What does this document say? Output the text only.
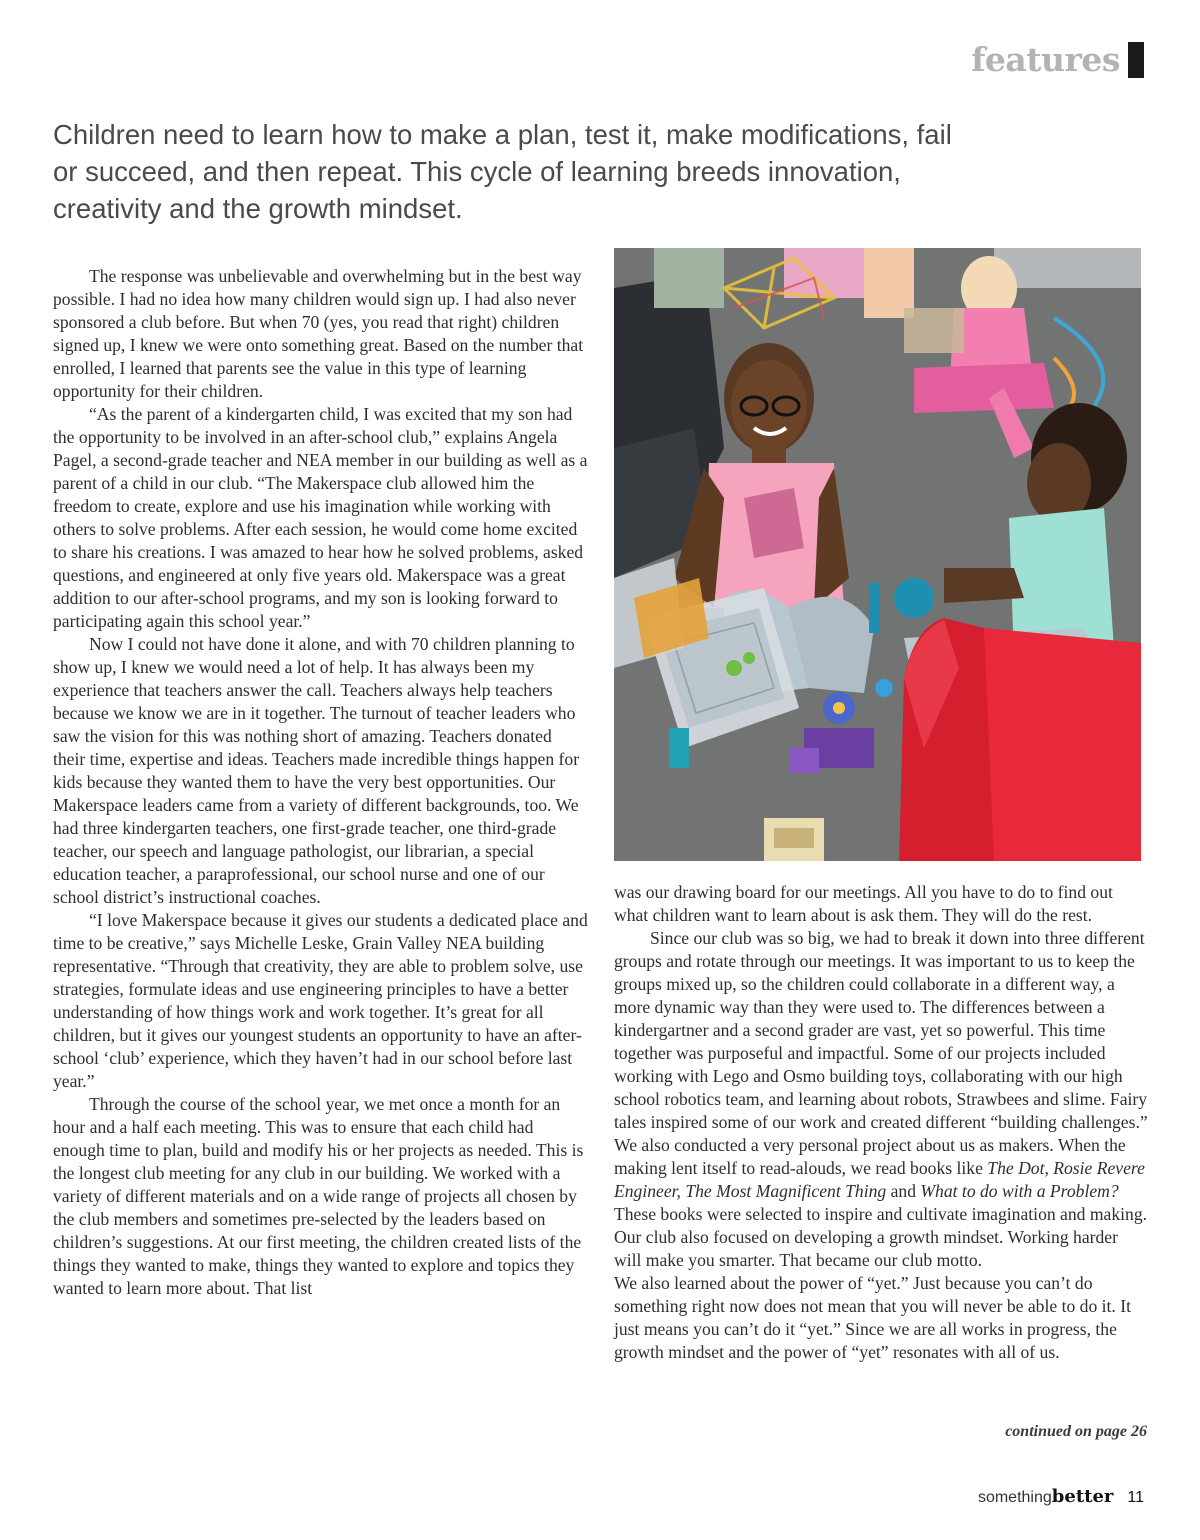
features
Children need to learn how to make a plan, test it, make modifications, fail or succeed, and then repeat. This cycle of learning breeds innovation, creativity and the growth mindset.

The response was unbelievable and overwhelming but in the best way possible. I had no idea how many children would sign up. I had also never sponsored a club before. But when 70 (yes, you read that right) children signed up, I knew we were onto something great. Based on the number that enrolled, I learned that parents see the value in this type of learning opportunity for their children.

“As the parent of a kindergarten child, I was excited that my son had the opportunity to be involved in an after-school club,” explains Angela Pagel, a second-grade teacher and NEA member in our building as well as a parent of a child in our club. “The Makerspace club allowed him the freedom to create, explore and use his imagination while working with others to solve problems. After each session, he would come home excited to share his creations. I was amazed to hear how he solved problems, asked questions, and engineered at only five years old. Makerspace was a great addition to our after-school programs, and my son is looking forward to participating again this school year.”

Now I could not have done it alone, and with 70 children planning to show up, I knew we would need a lot of help. It has always been my experience that teachers answer the call. Teachers always help teachers because we know we are in it together. The turnout of teacher leaders who saw the vision for this was nothing short of amazing. Teachers donated their time, expertise and ideas. Teachers made incredible things happen for kids because they wanted them to have the very best opportunities. Our Makerspace leaders came from a variety of different backgrounds, too. We had three kindergarten teachers, one first-grade teacher, one third-grade teacher, our speech and language pathologist, our librarian, a special education teacher, a paraprofessional, our school nurse and one of our school district’s instructional coaches.

“I love Makerspace because it gives our students a dedicated place and time to be creative,” says Michelle Leske, Grain Valley NEA building representative. “Through that creativity, they are able to problem solve, use strategies, formulate ideas and use engineering principles to have a better understanding of how things work and work together. It’s great for all children, but it gives our youngest students an opportunity to have an after-school ‘club’ experience, which they haven’t had in our school before last year.”

Through the course of the school year, we met once a month for an hour and a half each meeting. This was to ensure that each child had enough time to plan, build and modify his or her projects as needed. This is the longest club meeting for any club in our building. We worked with a variety of different materials and on a wide range of projects all chosen by the club members and sometimes pre-selected by the leaders based on children’s suggestions. At our first meeting, the children created lists of the things they wanted to make, things they wanted to explore and topics they wanted to learn more about. That list

was our drawing board for our meetings. All you have to do to find out what children want to learn about is ask them. They will do the rest.

Since our club was so big, we had to break it down into three different groups and rotate through our meetings. It was important to us to keep the groups mixed up, so the children could collaborate in a different way, a more dynamic way than they were used to. The differences between a kindergartner and a second grader are vast, yet so powerful. This time together was purposeful and impactful. Some of our projects included working with Lego and Osmo building toys, collaborating with our high school robotics team, and learning about robots, Strawbees and slime. Fairy tales inspired some of our work and created different “building challenges.” We also conducted a very personal project about us as makers. When the making lent itself to read-alouds, we read books like The Dot, Rosie Revere Engineer, The Most Magnificent Thing and What to do with a Problem? These books were selected to inspire and cultivate imagination and making. Our club also focused on developing a growth mindset. Working harder will make you smarter. That became our club motto.

We also learned about the power of “yet.” Just because you can’t do something right now does not mean that you will never be able to do it. It just means you can’t do it “yet.” Since we are all works in progress, the growth mindset and the power of “yet” resonates with all of us.

continued on page 26
something better 11
